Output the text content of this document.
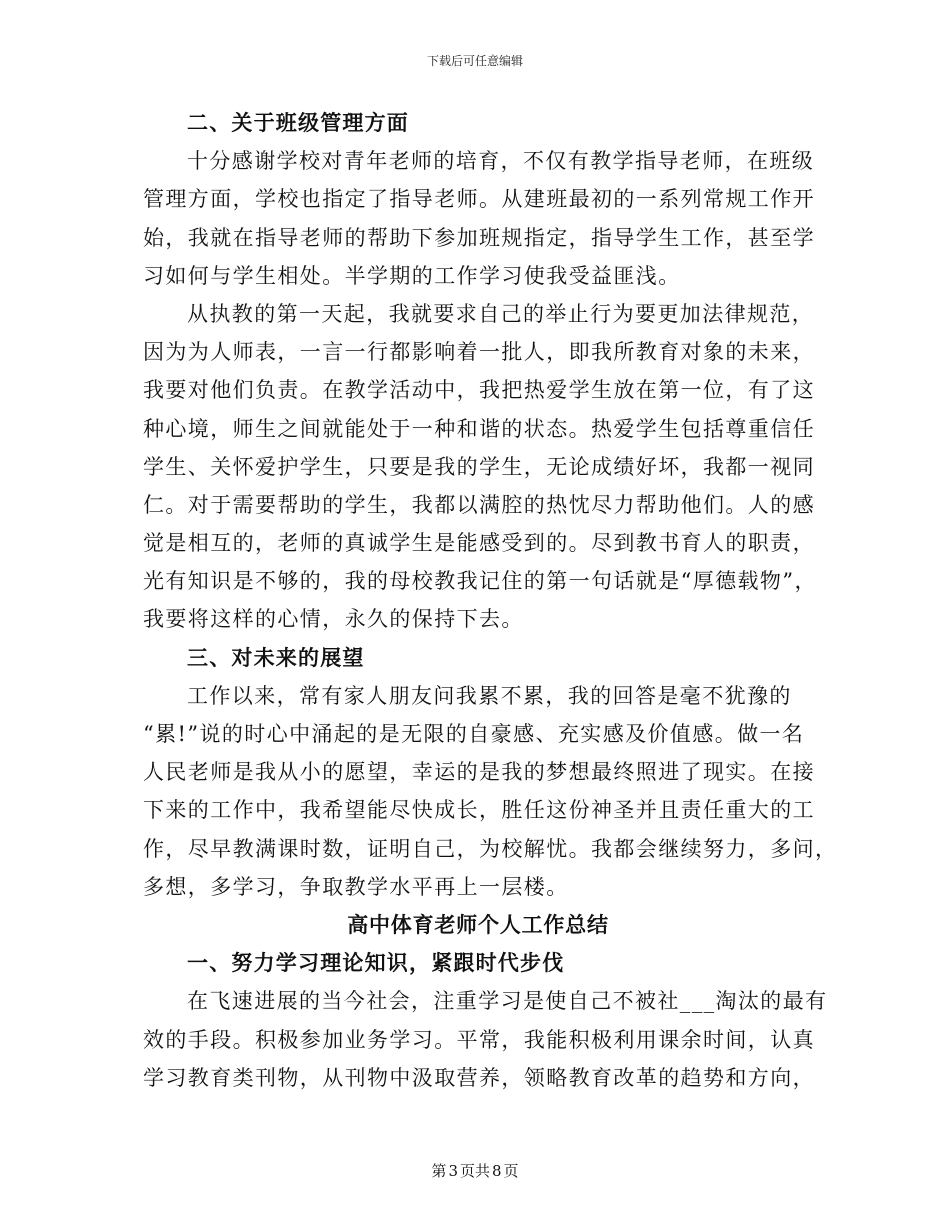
下载后可任意编辑
二、关于班级管理方面
十分感谢学校对青年老师的培育，不仅有教学指导老师，在班级
管理方面，学校也指定了指导老师。从建班最初的一系列常规工作开
始，我就在指导老师的帮助下参加班规指定，指导学生工作，甚至学
习如何与学生相处。半学期的工作学习使我受益匪浅。
从执教的第一天起，我就要求自己的举止行为要更加法律规范，
因为为人师表，一言一行都影响着一批人，即我所教育对象的未来，
我要对他们负责。在教学活动中，我把热爱学生放在第一位，有了这
种心境，师生之间就能处于一种和谐的状态。热爱学生包括尊重信任
学生、关怀爱护学生，只要是我的学生，无论成绩好坏，我都一视同
仁。对于需要帮助的学生，我都以满腔的热忱尽力帮助他们。人的感
觉是相互的，老师的真诚学生是能感受到的。尽到教书育人的职责，
光有知识是不够的，我的母校教我记住的第一句话就是“厚德载物”，
我要将这样的心情，永久的保持下去。
三、对未来的展望
工作以来，常有家人朋友问我累不累，我的回答是毫不犹豫的
“累!”说的时心中涌起的是无限的自豪感、充实感及价值感。做一名
人民老师是我从小的愿望，幸运的是我的梦想最终照进了现实。在接
下来的工作中，我希望能尽快成长，胜任这份神圣并且责任重大的工
作，尽早教满课时数，证明自己，为校解忧。我都会继续努力，多问，
多想，多学习，争取教学水平再上一层楼。
高中体育老师个人工作总结
一、努力学习理论知识，紧跟时代步伐
在飞速进展的当今社会，注重学习是使自己不被社___淘汰的最有
效的手段。积极参加业务学习。平常，我能积极利用课余时间，认真
学习教育类刊物，从刊物中汲取营养，领略教育改革的趋势和方向，
第 3 页共 8 页
